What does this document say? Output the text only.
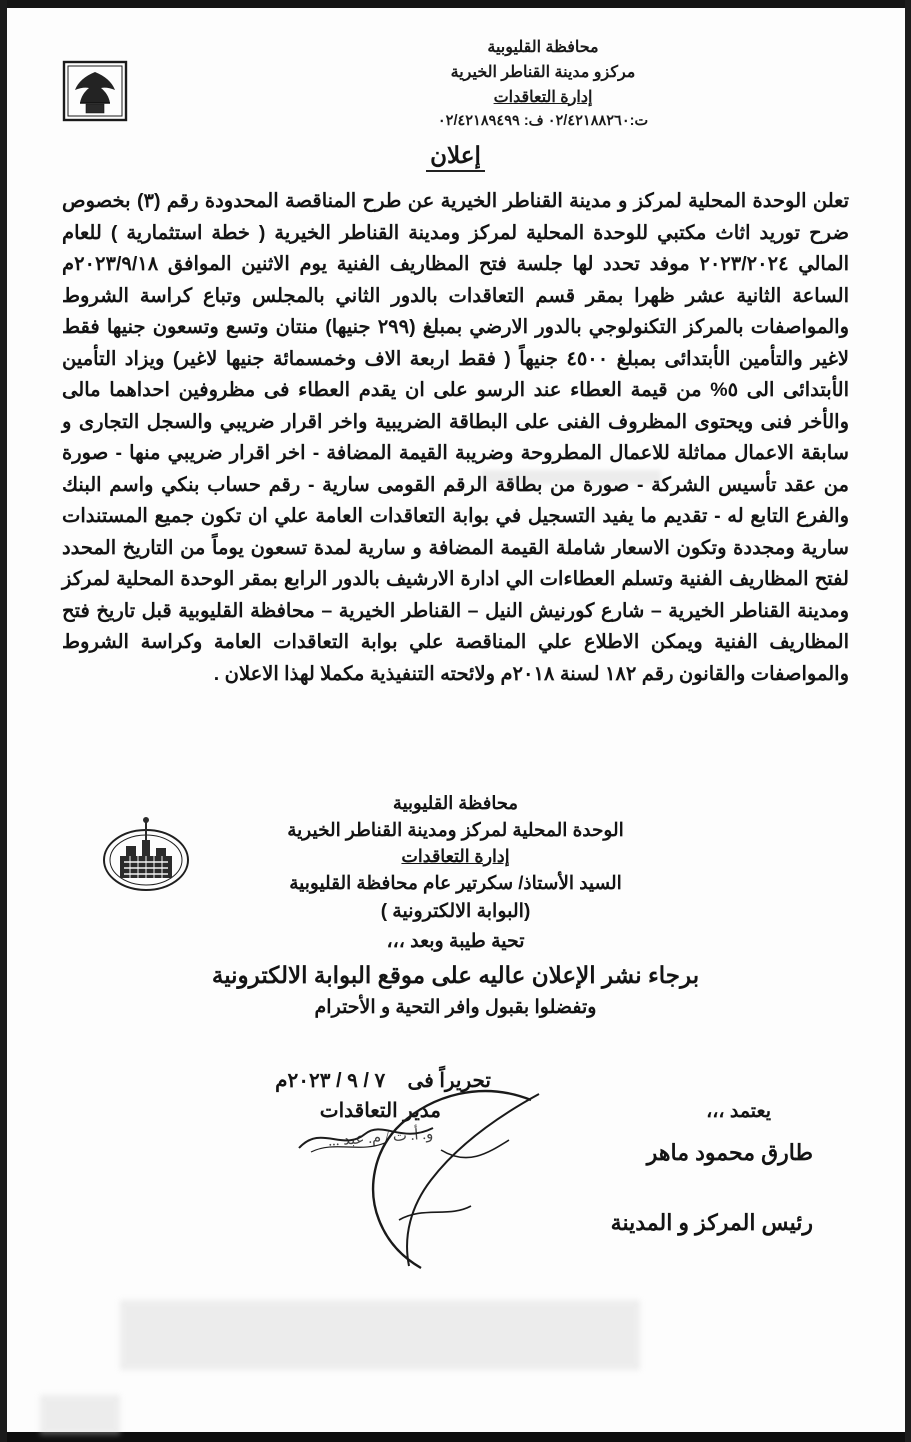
محافظة القليوبية
مركزو مدينة القناطر الخيرية
إدارة التعاقدات
ت:٠٢/٤٢١٨٨٢٦٠ ف: ٠٢/٤٢١٨٩٤٩٩
إعلان

تعلن الوحدة المحلية لمركز و مدينة القناطر الخيرية عن طرح المناقصة المحدودة رقم (٣) بخصوص ضرح توريد اثاث مكتبي للوحدة المحلية لمركز ومدينة القناطر الخيرية ( خطة استثمارية ) للعام المالي ٢٠٢٣/٢٠٢٤ موفد تحدد لها جلسة فتح المظاريف الفنية يوم الاثنين الموافق ٢٠٢٣/٩/١٨م الساعة الثانية عشر ظهرا بمقر قسم التعاقدات بالدور الثاني بالمجلس وتباع كراسة الشروط والمواصفات بالمركز التكنولوجي بالدور الارضي بمبلغ (٢٩٩ جنيها) منتان وتسع وتسعون جنيها فقط لاغير والتأمين الأبتدائى بمبلغ ٤٥٠٠ جنيهاً ( فقط اربعة الاف وخمسمائة جنيها لاغير) ويزاد التأمين الأبتدائى الى ٥% من قيمة العطاء عند الرسو على ان يقدم العطاء فى مظروفين احداهما مالى والأخر فنى ويحتوى المظروف الفنى على البطاقة الضريبية واخر اقرار ضريبي والسجل التجارى و سابقة الاعمال مماثلة للاعمال المطروحة وضريبة القيمة المضافة - اخر اقرار ضريبي منها - صورة من عقد تأسيس الشركة - صورة من بطاقة الرقم القومى سارية - رقم حساب بنكي واسم البنك والفرع التابع له - تقديم ما يفيد التسجيل في بوابة التعاقدات العامة علي ان تكون جميع المستندات سارية ومجددة وتكون الاسعار شاملة القيمة المضافة و سارية لمدة تسعون يوماً من التاريخ المحدد لفتح المظاريف الفنية وتسلم العطاءات الي ادارة الارشيف بالدور الرابع بمقر الوحدة المحلية لمركز ومدينة القناطر الخيرية – شارع كورنيش النيل – القناطر الخيرية – محافظة القليوبية قبل تاريخ فتح المظاريف الفنية ويمكن الاطلاع علي المناقصة علي بوابة التعاقدات العامة وكراسة الشروط والمواصفات والقانون رقم ١٨٢ لسنة ٢٠١٨م ولائحته التنفيذية مكملا لهذا الاعلان .

محافظة القليوبية
الوحدة المحلية لمركز ومدينة القناطر الخيرية
إدارة التعاقدات
السيد الأستاذ/ سكرتير عام محافظة القليوبية
(البوابة الالكترونية )
تحية طيبة وبعد ،،،
برجاء نشر الإعلان عاليه على موقع البوابة الالكترونية
وتفضلوا بقبول وافر التحية و الأحترام
تحريراً فى    ٧ / ٩ / ٢٠٢٣م
مدير التعاقدات
و. أ. ت / م. عبد ...
يعتمد ،،،
طارق محمود ماهر
رئيس المركز و المدينة
